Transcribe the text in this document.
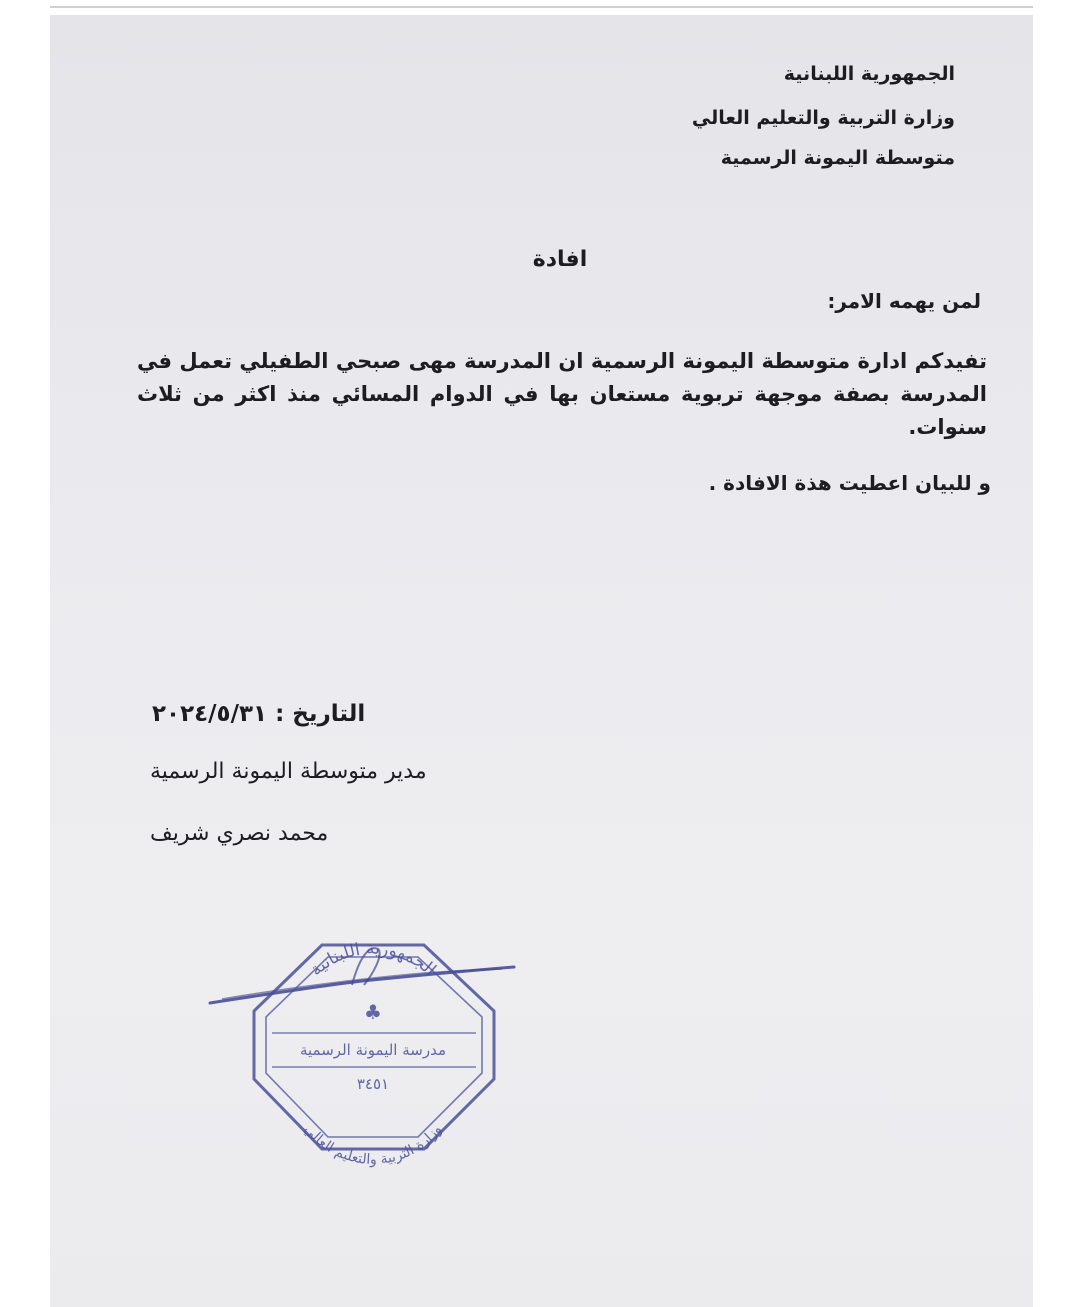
الجمهورية اللبنانية
وزارة التربية والتعليم العالي
متوسطة اليمونة الرسمية
افادة
لمن يهمه الامر:
تفيدكم ادارة متوسطة اليمونة الرسمية ان المدرسة مهى صبحي الطفيلي تعمل في المدرسة بصفة موجهة تربوية مستعان بها في الدوام المسائي منذ اكثر من ثلاث سنوات.
و للبيان اعطيت هذة الافادة .
التاريخ : ٢٠٢٤/٥/٣١
مدير متوسطة اليمونة الرسمية
محمد نصري شريف
♣
الجمهورية اللبنانية
مدرسة اليمونة الرسمية
٣٤٥١
وزارة التربية والتعليم العالي
